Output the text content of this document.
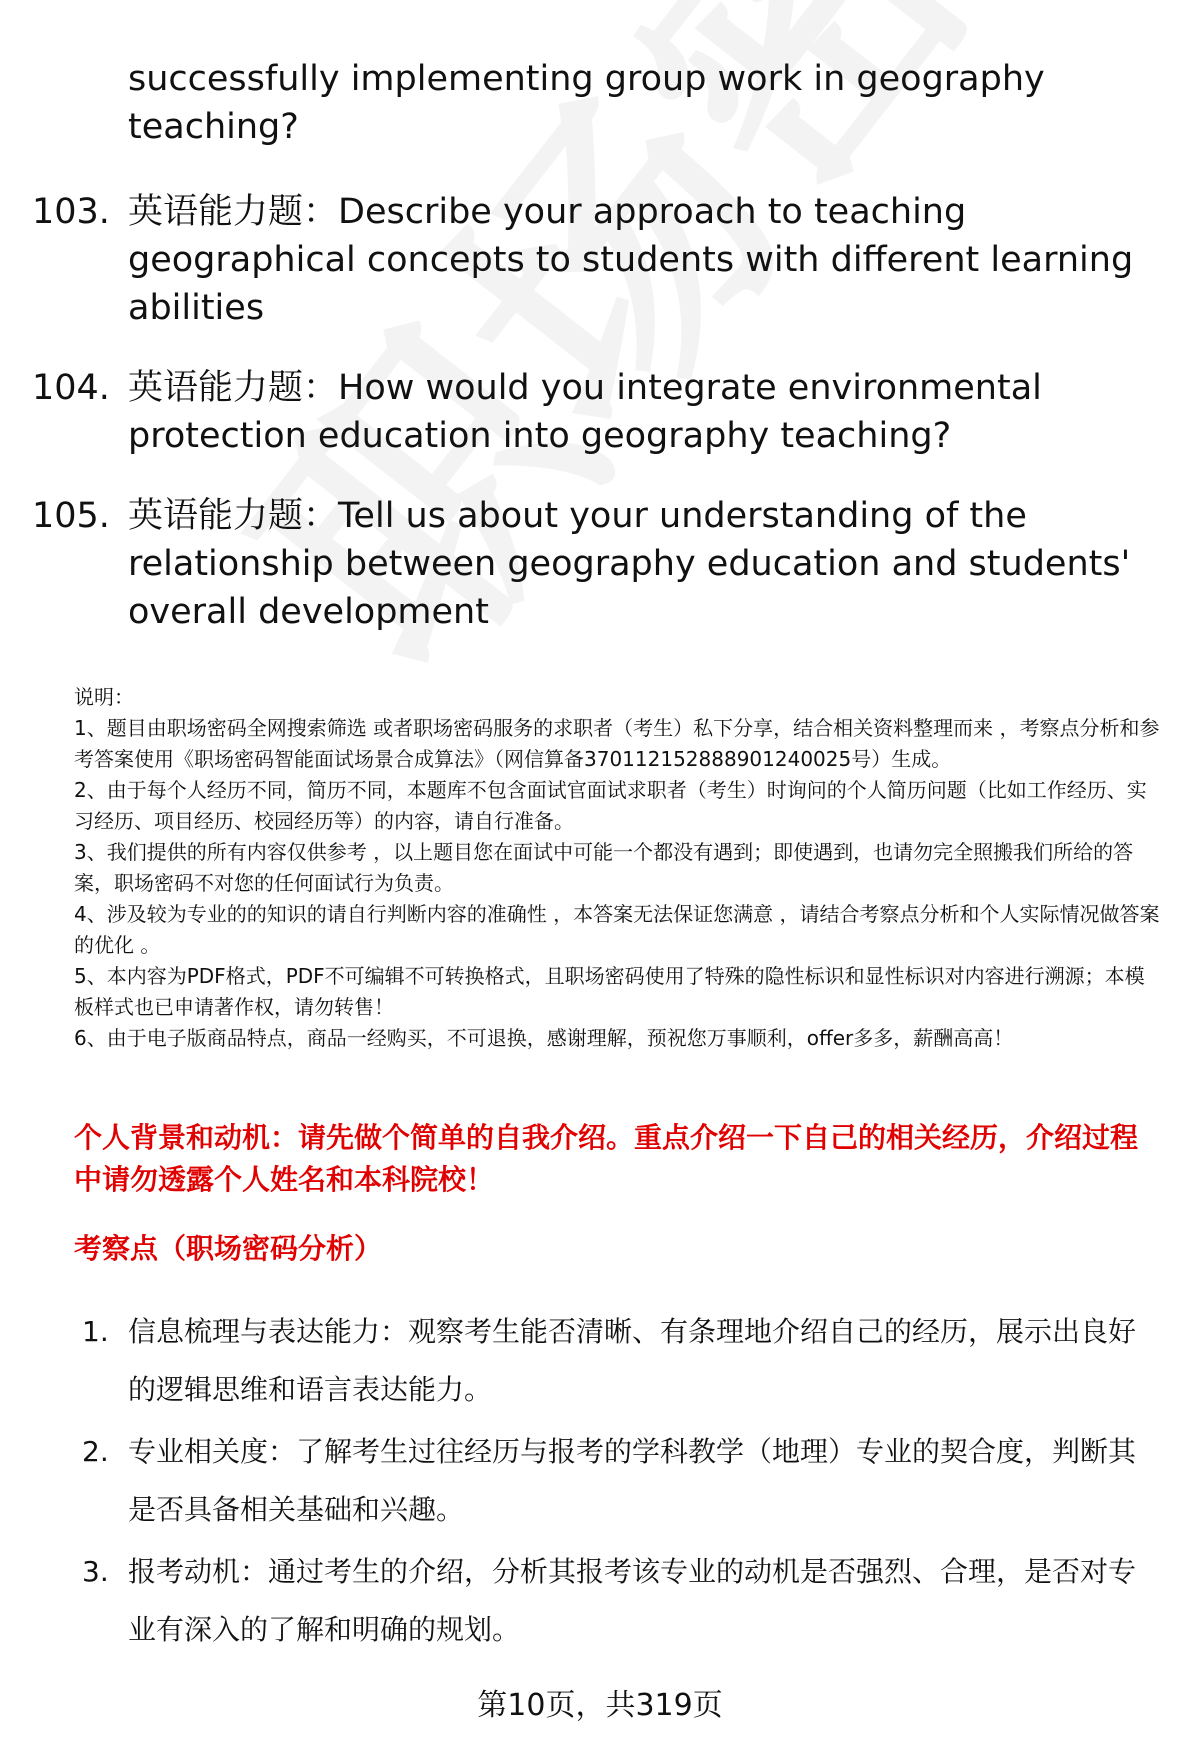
successfully implementing group work in geography teaching?
103. 英语能力题：Describe your approach to teaching geographical concepts to students with different learning abilities
104. 英语能力题：How would you integrate environmental protection education into geography teaching?
105. 英语能力题：Tell us about your understanding of the relationship between geography education and students' overall development

说明：

1、题目由职场密码全网搜索筛选 或者职场密码服务的求职者（考生）私下分享，结合相关资料整理而来 ，考察点分析和参考答案使用《职场密码智能面试场景合成算法》（网信算备370112152888901240025号）生成。

2、由于每个人经历不同，简历不同，本题库不包含面试官面试求职者（考生）时询问的个人简历问题（比如工作经历、实习经历、项目经历、校园经历等）的内容，请自行准备。

3、我们提供的所有内容仅供参考 ，以上题目您在面试中可能一个都没有遇到；即使遇到，也请勿完全照搬我们所给的答案，职场密码不对您的任何面试行为负责。

4、涉及较为专业的的知识的请自行判断内容的准确性 ，本答案无法保证您满意 ，请结合考察点分析和个人实际情况做答案的优化 。

5、本内容为PDF格式，PDF不可编辑不可转换格式，且职场密码使用了特殊的隐性标识和显性标识对内容进行溯源；本模板样式也已申请著作权，请勿转售！

6、由于电子版商品特点，商品一经购买，不可退换，感谢理解，预祝您万事顺利，offer多多，薪酬高高！

个人背景和动机：请先做个简单的自我介绍。重点介绍一下自己的相关经历，介绍过程中请勿透露个人姓名和本科院校！
考察点（职场密码分析）
1. 信息梳理与表达能力：观察考生能否清晰、有条理地介绍自己的经历，展示出良好的逻辑思维和语言表达能力。
2. 专业相关度：了解考生过往经历与报考的学科教学（地理）专业的契合度，判断其是否具备相关基础和兴趣。
3. 报考动机：通过考生的介绍，分析其报考该专业的动机是否强烈、合理，是否对专业有深入的了解和明确的规划。
第10页，共319页
